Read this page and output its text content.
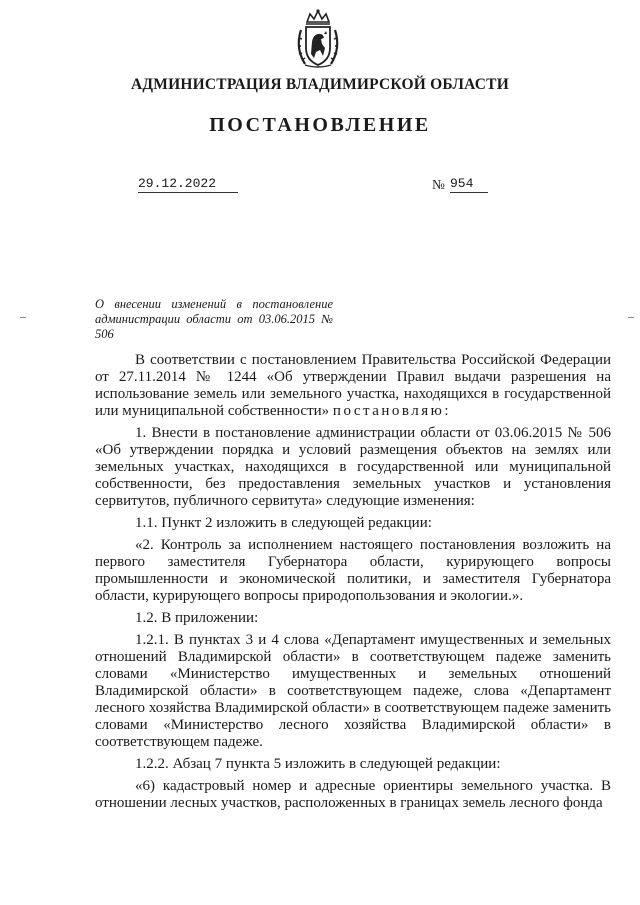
АДМИНИСТРАЦИЯ ВЛАДИМИРСКОЙ ОБЛАСТИ
ПОСТАНОВЛЕНИЕ
29.12.2022	№ 954
О внесении изменений в постановление администрации области от 03.06.2015 № 506

В соответствии с постановлением Правительства Российской Федерации от 27.11.2014 № 1244 «Об утверждении Правил выдачи разрешения на использование земель или земельного участка, находящихся в государственной или муниципальной собственности» постановляю:

1. Внести в постановление администрации области от 03.06.2015 № 506 «Об утверждении порядка и условий размещения объектов на землях или земельных участках, находящихся в государственной или муниципальной собственности, без предоставления земельных участков и установления сервитутов, публичного сервитута» следующие изменения:

1.1. Пункт 2 изложить в следующей редакции:

«2. Контроль за исполнением настоящего постановления возложить на первого заместителя Губернатора области, курирующего вопросы промышленности и экономической политики, и заместителя Губернатора области, курирующего вопросы природопользования и экологии.».

1.2. В приложении:

1.2.1. В пунктах 3 и 4 слова «Департамент имущественных и земельных отношений Владимирской области» в соответствующем падеже заменить словами «Министерство имущественных и земельных отношений Владимирской области» в соответствующем падеже, слова «Департамент лесного хозяйства Владимирской области» в соответствующем падеже заменить словами «Министерство лесного хозяйства Владимирской области» в соответствующем падеже.

1.2.2. Абзац 7 пункта 5 изложить в следующей редакции:

«6) кадастровый номер и адресные ориентиры земельного участка. В отношении лесных участков, расположенных в границах земель лесного фонда
